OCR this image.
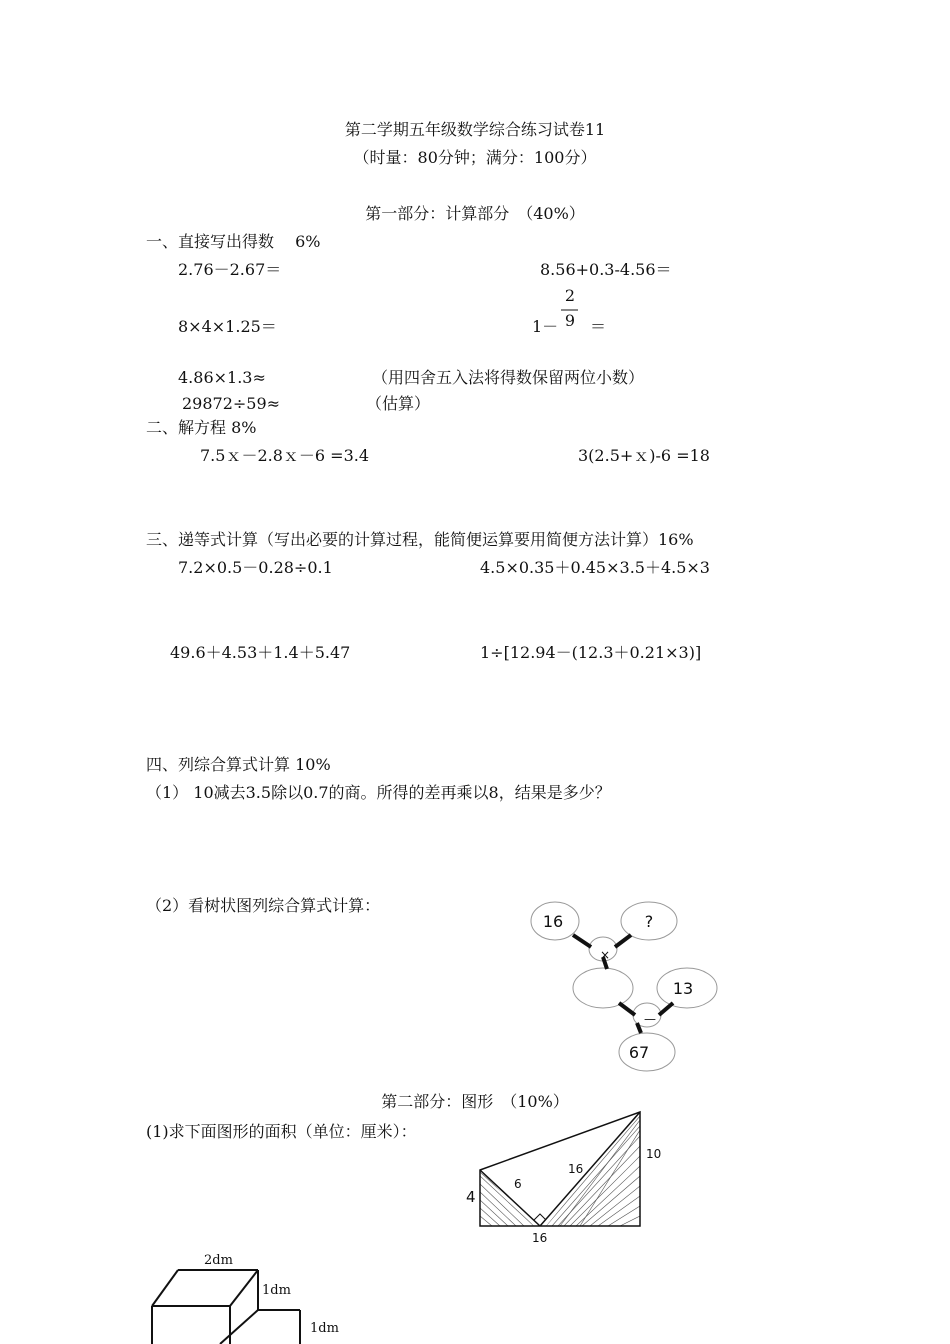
第二学期五年级数学综合练习试卷11
（时量：80分钟；满分：100分）
第一部分：计算部分　（40%）
一、直接写出得数　 6%
2.76－2.67＝	8.56+0.3-4.56＝
8×4×1.25＝	1－
2
9 ＝
4.86×1.3≈	（用四舍五入法将得数保留两位小数）
29872÷59≈	（估算）
二、解方程 8%
7.5ｘ－2.8ｘ－6 =3.4	3(2.5+ｘ)-6 =18
三、递等式计算（写出必要的计算过程，能简便运算要用简便方法计算）16%
7.2×0.5－0.28÷0.1	4.5×0.35＋0.45×3.5＋4.5×3
49.6＋4.53＋1.4＋5.47	1÷[12.94－(12.3＋0.21×3)]
四、列综合算式计算 10%
（1） 10减去3.5除以0.7的商。所得的差再乘以8，结果是多少？
（2）看树状图列综合算式计算：
16	?
×
13
—
67
第二部分：图形　（10%）
(1)求下面图形的面积（单位：厘米）：
10
16
6
4
16
2dm
1dm
1dm
